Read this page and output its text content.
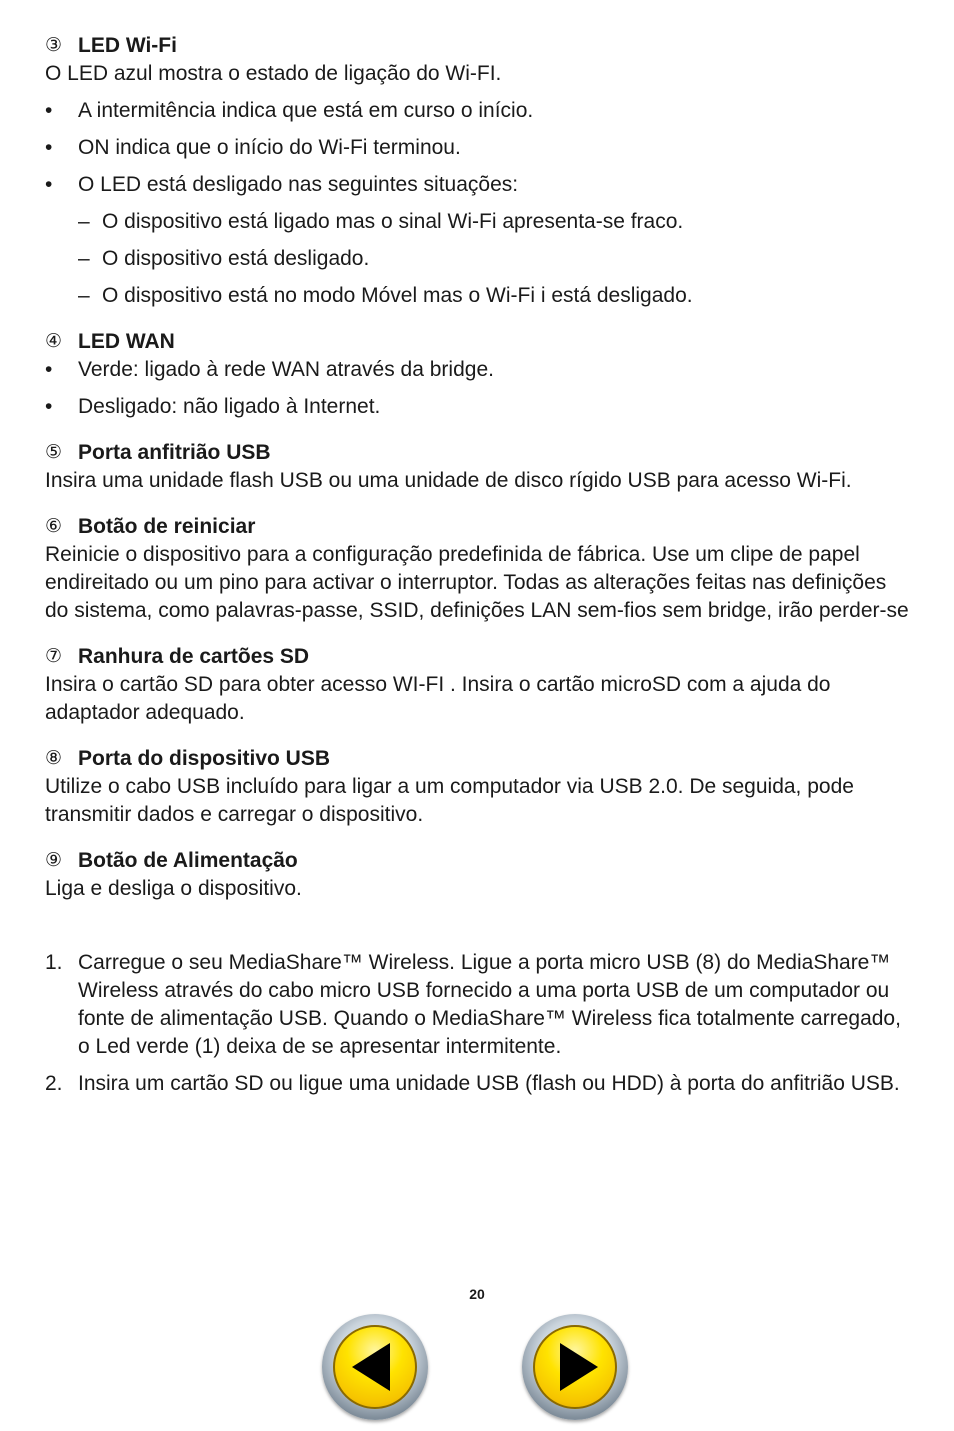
③ LED Wi-Fi

O LED azul mostra o estado de ligação do Wi-FI.

• A intermitência indica que está em curso o início.
• ON indica que o início do Wi-Fi terminou.
• O LED está desligado nas seguintes situações:
– O dispositivo está ligado mas o sinal Wi-Fi apresenta-se fraco.
– O dispositivo está desligado.
– O dispositivo está no modo Móvel mas o Wi-Fi i está desligado.
④ LED WAN
• Verde: ligado à rede WAN através da bridge.
• Desligado: não ligado à Internet.
⑤ Porta anfitrião USB

Insira uma unidade flash USB ou uma unidade de disco rígido USB para acesso Wi-Fi.

⑥ Botão de reiniciar

Reinicie o dispositivo para a configuração predefinida de fábrica. Use um clipe de papel endireitado ou um pino para activar o interruptor. Todas as alterações feitas nas definições do sistema, como palavras-passe, SSID, definições LAN sem-fios sem bridge, irão perder-se

⑦ Ranhura de cartões SD

Insira o cartão SD para obter acesso WI-FI . Insira o cartão microSD com a ajuda do adaptador adequado.

⑧ Porta do dispositivo USB

Utilize o cabo USB incluído para ligar a um computador via USB 2.0. De seguida, pode transmitir dados e carregar o dispositivo.

⑨ Botão de Alimentação

Liga e desliga o dispositivo.

1. Carregue o seu MediaShare™ Wireless. Ligue a porta micro USB (8) do MediaShare™ Wireless através do cabo micro USB fornecido a uma porta USB de um computador ou fonte de alimentação USB. Quando o MediaShare™ Wireless fica totalmente carregado, o Led verde (1) deixa de se apresentar intermitente.
2. Insira um cartão SD ou ligue uma unidade USB (flash ou HDD) à porta do anfitrião USB.
20
